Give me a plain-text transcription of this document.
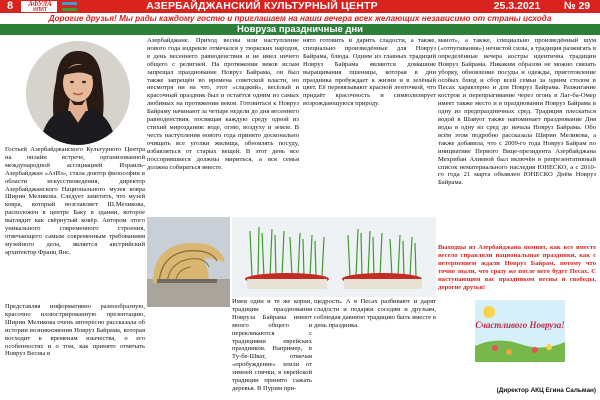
8	АФУЛА
ИЛИТ	АЗЕРБАЙДЖАНСКИЙ КУЛЬТУРНЫЙ ЦЕНТР	25.3.2021	№ 29
Дорогие друзья! Мы рады каждому гостю и приглашаем на наши вечера всех желающих независимо от страны исхода
Новруза праздничные дни
Гостьей Азербайджанского Культурного Центра на онлайн встрече, организованной международной ассоциацией Израиль-Азербайджан «АзИз», стала доктор философии в области искусствоведения, директор Азербайджанского Национального музея ковра Ширин Меликова. Следует заметить, что музей ковра, который возглавляет Ш.Меликова, расположен в центре Баку в здании, которое выглядит как свёрнутый ковёр. Автором этого уникального современного строения, отвечающего самым современным требованиям музейного дела, является австрийский архитектор Франц Янс.
Представляя информативно разнообразную, красочно иллюстрированную презентацию, Ширин Меликова очень интересно рассказала об истории возникновения Новруз Байрама, которая восходит к временам язычества, о его особенностях и о том, как принято отмечать Новруз Весны в
Азербайджане. Приход весны или наступление нового года издревле отмечался у тюркских народов, в день весеннего равноденствия и не имел ничего общего с религией. На протяжении веков ислам запрещал празднование Новруз Байрама, он был также запрещён во времена советской власти, но несмотря ни на что, этот «сладкий», весёлый и красочный праздник был и остаётся одним из самых любимых на протяжении веков. Готовиться к Новруз Байраму начинают за четыре недели до дня весеннего равноденствия, посвящая каждую среду одной из стихий мироздания: воде, огню, воздуху и земле. В честь наступления нового года принято досконально очищать все уголки жилища, обновлять посуду, избавляться от старых вещей. В этот день все поссорившиеся должны мириться, а вся семья должна собираться вместе.
нято готовить и дарить сладости, а также, специально произведённые для Новруз Байрама, блюда. Одним из главных традиций Новруз Байрама являются домашние выращивания пшеницы, которая в дни праздника пробуждает к жизни и в зелёный цвет. Её перевязывают красной ленточкой, что придаёт красочность и символизирует возрождающуюся природу.
Имея один и те же корни, традиции празднования Новруза Байрама имеют много общего и перекликаются с традициями еврейских праздников. Например, в Ту-бе-Шват, отмечая «пробуждение» земли от зимней спячки, в еврейской традиции принято сажать деревья. В Пурим при-
щедрость. А в Песах разбивают и дарят сладости и подарки соседям и друзьям, соблюдая давнюю традицию быть вместе в день праздника.
манот», а также, специально произведённый шум («отпугивания») нечистой силы, а традиция разжигать в определённые вечера костры идентична традиции Новруз Байрама. Никаким образом не можно связать уборку, обновление посуды и одежды, приготовление особых блюд и сбор всей семьи за одним столом в Песах характерно и для Новруз Байрама. Разжигание костров и перепрыгивание через огонь в Лаг-ба-Омер имеет также место и в праздновании Новруз Байрама в одну из предпраздничных сред. Традиция плескаться водой в Шавуот также напоминает празднование Дня воды в одну из сред до начала Новруз Байрама. Обо всём этом подробно рассказала Ширин Меликова, а также добавила, что с 2009-го года Новруз Байрам по инициативе Первого Вице-президента Азербайджана Мехрибан Алиевой был включён в репрезентативный список нематериального наследия ЮНЕСКО, а с 2010-го года 21 марта объявлен ЮНЕСКО Днём Новруз Байрама.
Выходцы из Азербайджана помнят, как все вместе весело справляли национальные праздники, как с нетерпением ждали Новруз Байрам, потому что точно знали, что сразу же после него будет Песах. С наступающим вас праздником весны и свободы, дорогие друзья!
Счастливого Новруза!
(Директор АКЦ Егина Сальман)
